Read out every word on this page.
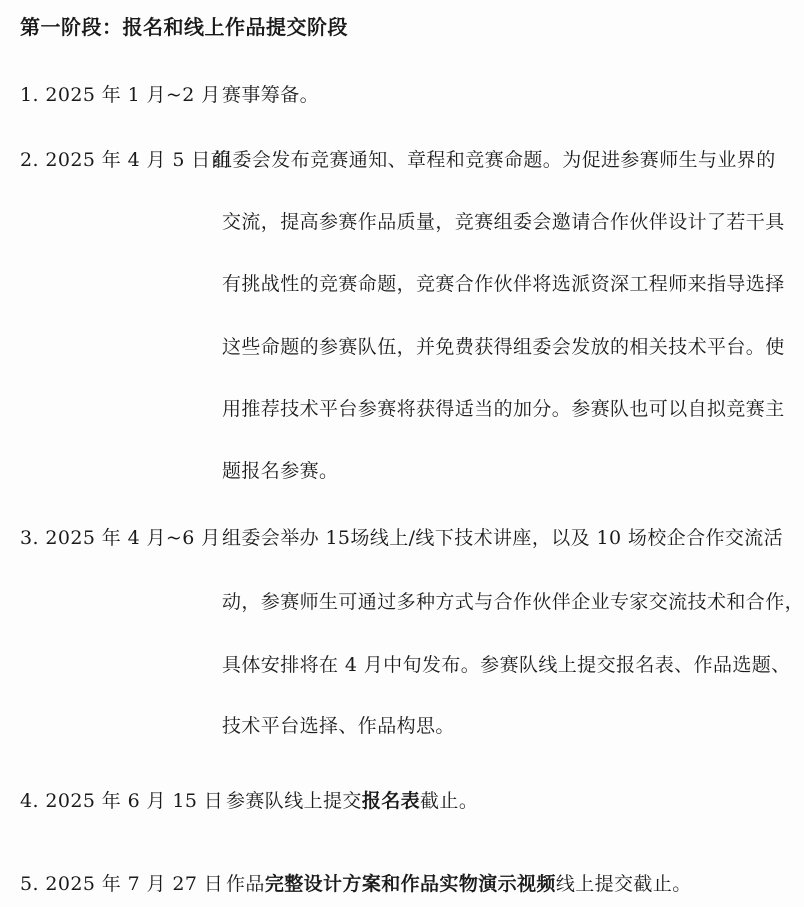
第一阶段：报名和线上作品提交阶段
1. 2025 年 1 月~2 月 赛事筹备。
2. 2025 年 4 月 5 日前
组委会发布竞赛通知、章程和竞赛命题。为促进参赛师生与业界的
交流，提高参赛作品质量，竞赛组委会邀请合作伙伴设计了若干具
有挑战性的竞赛命题，竞赛合作伙伴将选派资深工程师来指导选择
这些命题的参赛队伍，并免费获得组委会发放的相关技术平台。使
用推荐技术平台参赛将获得适当的加分。参赛队也可以自拟竞赛主
题报名参赛。
3. 2025 年 4 月~6 月 组委会举办 15场线上/线下技术讲座，以及 10 场校企合作交流活
动，参赛师生可通过多种方式与合作伙伴企业专家交流技术和合作，
具体安排将在 4 月中旬发布。参赛队线上提交报名表、作品选题、
技术平台选择、作品构思。
4. 2025 年 6 月 15 日 参赛队线上提交报名表截止。
5. 2025 年 7 月 27 日 作品完整设计方案和作品实物演示视频线上提交截止。
